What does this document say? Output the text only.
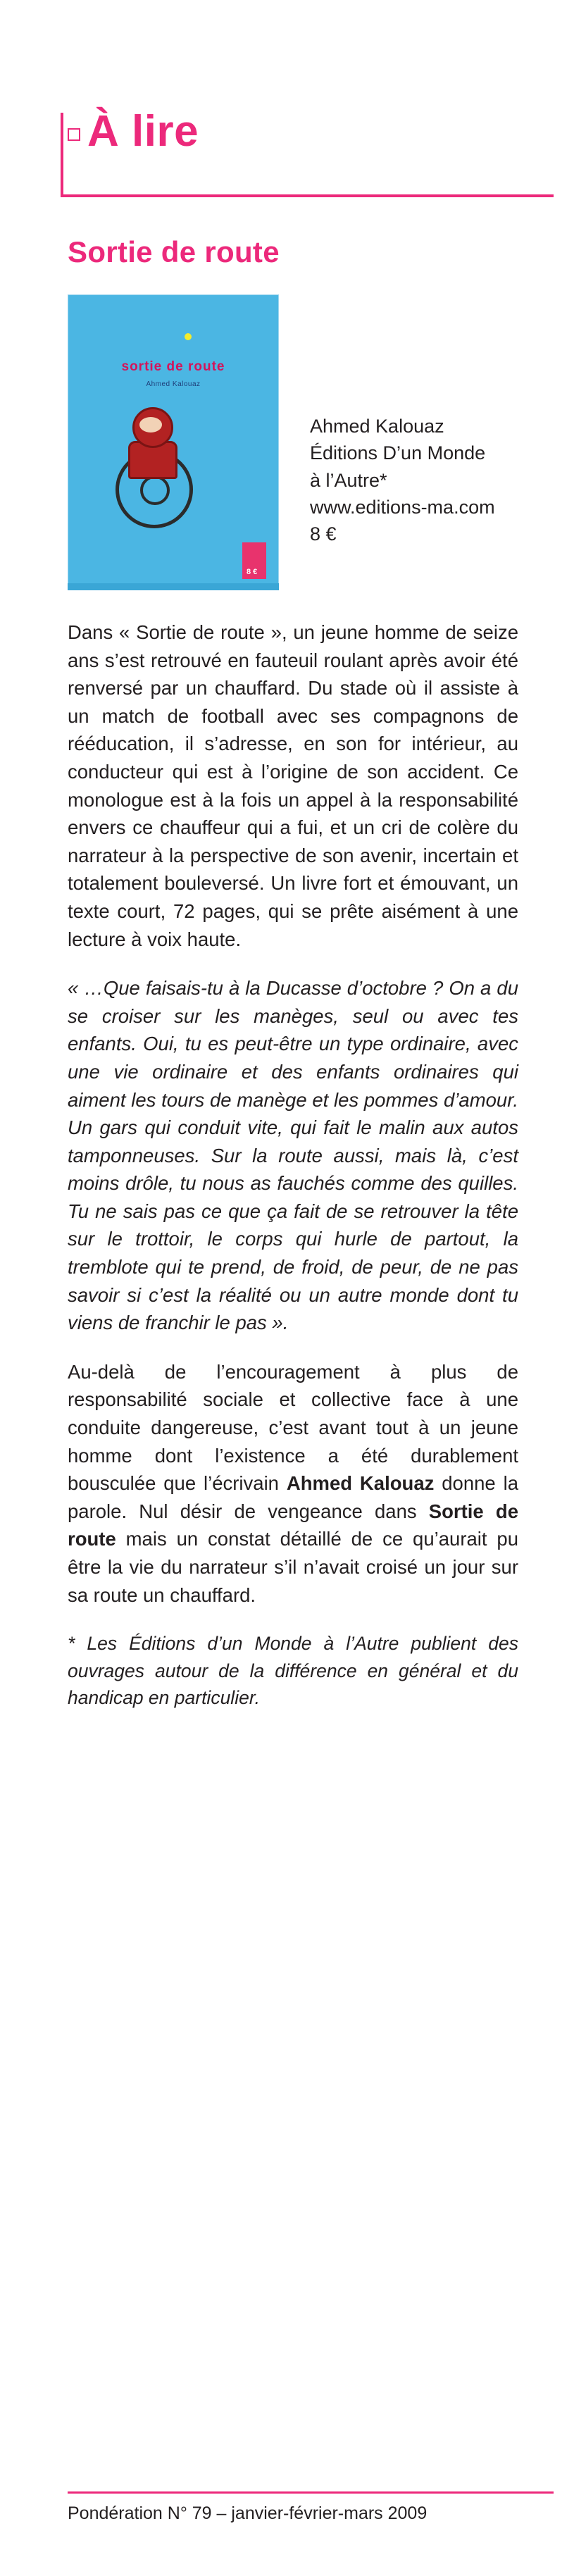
À lire
Sortie de route
sortie de route
Ahmed Kalouaz
8 €
Ahmed Kalouaz
Éditions D’un Monde
à l’Autre*
www.editions-ma.com
8 €

Dans « Sortie de route », un jeune homme de seize ans s’est retrouvé en fauteuil roulant après avoir été renversé par un chauffard. Du stade où il assiste à un match de football avec ses compagnons de rééducation, il s’adresse, en son for intérieur, au conducteur qui est à l’origine de son accident. Ce monologue est à la fois un appel à la responsabilité envers ce chauffeur qui a fui, et un cri de colère du narrateur à la perspective de son avenir, incertain et totalement bouleversé. Un livre fort et émouvant, un texte court, 72 pages, qui se prête aisément à une lecture à voix haute.

« …Que faisais-tu à la Ducasse d’octobre ? On a du se croiser sur les manèges, seul ou avec tes enfants. Oui, tu es peut-être un type ordinaire, avec une vie ordinaire et des enfants ordinaires qui aiment les tours de manège et les pommes d’amour. Un gars qui conduit vite, qui fait le malin aux autos tamponneuses. Sur la route aussi, mais là, c’est moins drôle, tu nous as fauchés comme des quilles. Tu ne sais pas ce que ça fait de se retrouver la tête sur le trottoir, le corps qui hurle de partout, la tremblote qui te prend, de froid, de peur, de ne pas savoir si c’est la réalité ou un autre monde dont tu viens de franchir le pas ».

Au-delà de l’encouragement à plus de responsabilité sociale et collective face à une conduite dangereuse, c’est avant tout à un jeune homme dont l’existence a été durablement bousculée que l’écrivain Ahmed Kalouaz donne la parole. Nul désir de vengeance dans Sortie de route mais un constat détaillé de ce qu’aurait pu être la vie du narrateur s’il n’avait croisé un jour sur sa route un chauffard.

* Les Éditions d’un Monde à l’Autre publient des ouvrages autour de la différence en général et du handicap en particulier.

Pondération N° 79 – janvier-février-mars 2009
